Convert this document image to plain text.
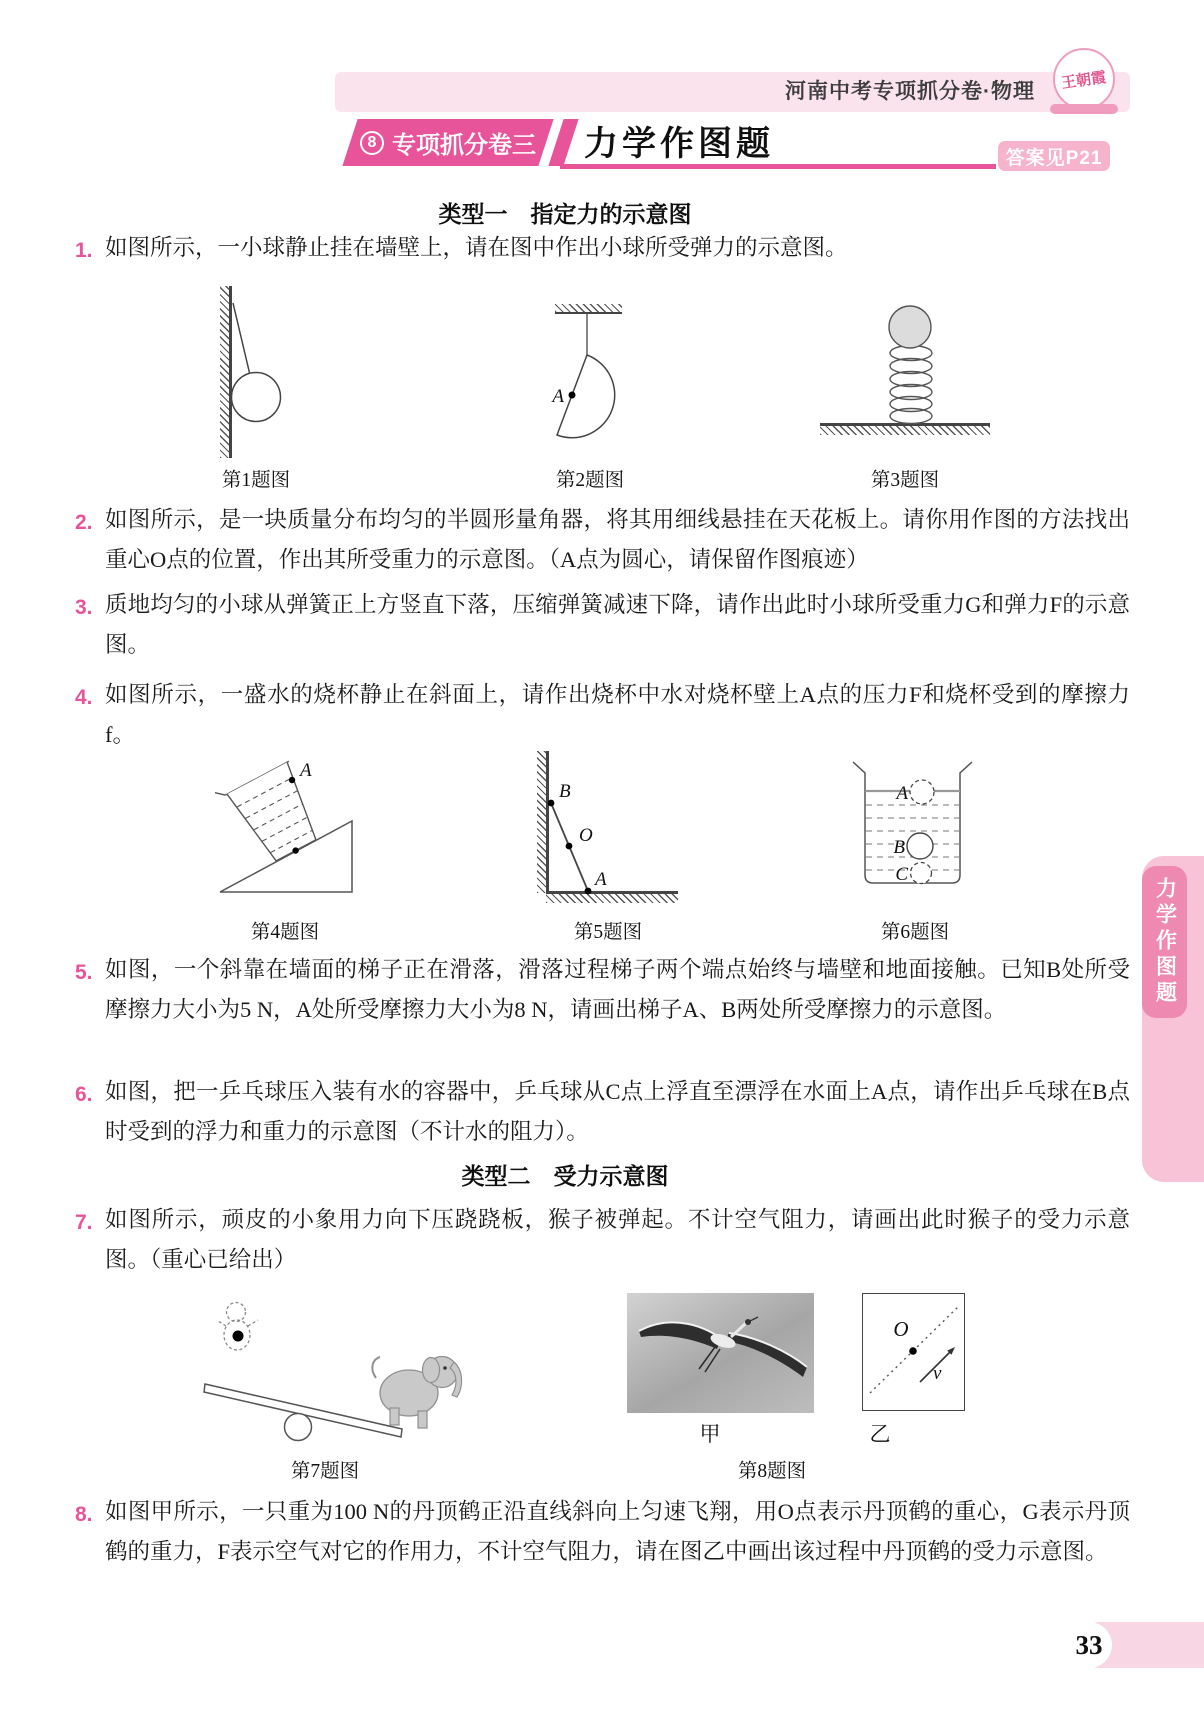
河南中考专项抓分卷·物理	王朝霞
8 专项抓分卷三 力学作图题	答案见P21
类型一　指定力的示意图
1. 如图所示，一小球静止挂在墙壁上，请在图中作出小球所受弹力的示意图。
A
第1题图	第2题图	第3题图
2. 如图所示，是一块质量分布均匀的半圆形量角器，将其用细线悬挂在天花板上。请你用作图的方法找出重心O点的位置，作出其所受重力的示意图。（A点为圆心，请保留作图痕迹）
3. 质地均匀的小球从弹簧正上方竖直下落，压缩弹簧减速下降，请作出此时小球所受重力G和弹力F的示意图。
4. 如图所示，一盛水的烧杯静止在斜面上，请作出烧杯中水对烧杯壁上A点的压力F和烧杯受到的摩擦力f。
A
B
O
A
A
B
C
第4题图	第5题图	第6题图
5. 如图，一个斜靠在墙面的梯子正在滑落，滑落过程梯子两个端点始终与墙壁和地面接触。已知B处所受摩擦力大小为5 N，A处所受摩擦力大小为8 N，请画出梯子A、B两处所受摩擦力的示意图。
6. 如图，把一乒乓球压入装有水的容器中，乒乓球从C点上浮直至漂浮在水面上A点，请作出乒乓球在B点时受到的浮力和重力的示意图（不计水的阻力）。
类型二　受力示意图
7. 如图所示，顽皮的小象用力向下压跷跷板，猴子被弹起。不计空气阻力，请画出此时猴子的受力示意图。（重心已给出）
O
v
甲	乙
第7题图	第8题图
8. 如图甲所示，一只重为100 N的丹顶鹤正沿直线斜向上匀速飞翔，用O点表示丹顶鹤的重心，G表示丹顶鹤的重力，F表示空气对它的作用力，不计空气阻力，请在图乙中画出该过程中丹顶鹤的受力示意图。
力学作图题
33
